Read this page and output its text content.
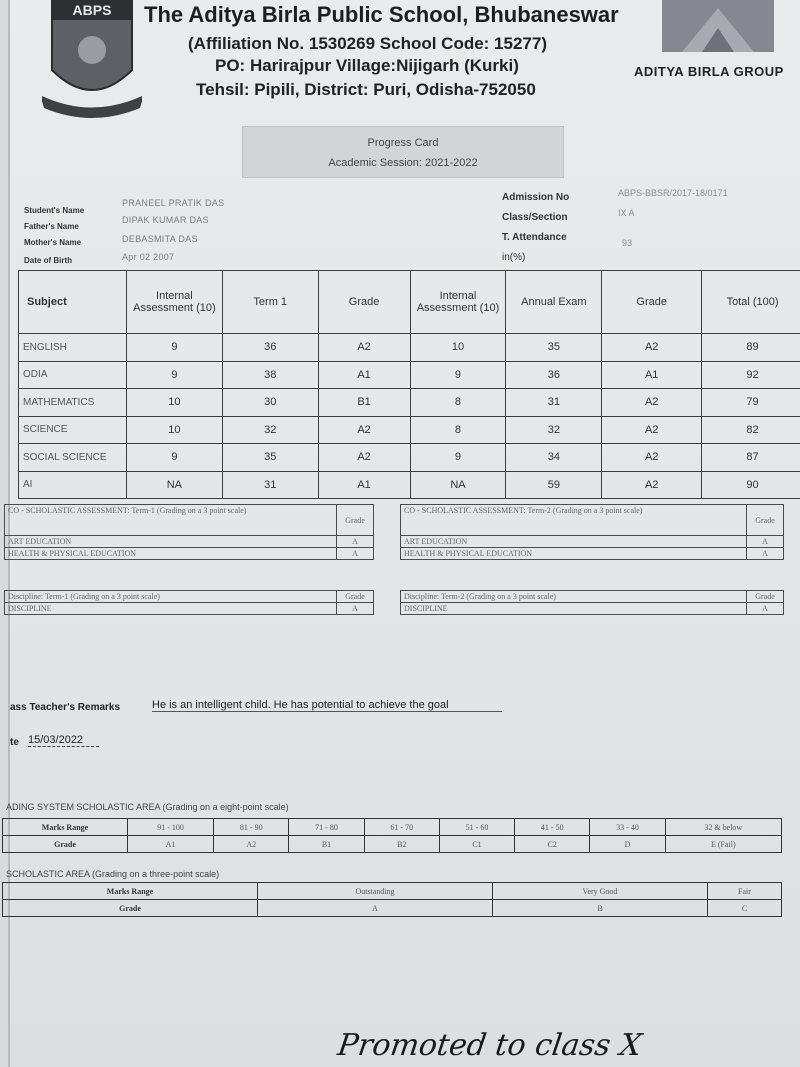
ABPS The Aditya Birla Public School, Bhubaneswar
(Affiliation No. 1530269 School Code: 15277)
PO: Harirajpur Village:Nijigarh (Kurki)
Tehsil: Pipili, District: Puri, Odisha-752050
ADITYA BIRLA GROUP
Progress Card
Academic Session: 2021-2022
Student's Name
PRANEEL PRATIK DAS
Father's Name
DIPAK KUMAR DAS
Mother's Name	DEBASMITA DAS
Date of Birth	Apr 02 2007
Admission No	ABPS-BBSR/2017-18/0171
Class/Section	IX A
T. Attendance
in(%)
93
Subject	Internal Assessment (10)	Term 1	Grade	Internal Assessment (10)	Annual Exam	Grade	Total (100)
ENGLISH	9	36	A2	10	35	A2	89
ODIA	9	38	A1	9	36	A1	92
MATHEMATICS	10	30	B1	8	31	A2	79
SCIENCE	10	32	A2	8	32	A2	82
SOCIAL SCIENCE	9	35	A2	9	34	A2	87
AI	NA	31	A1	NA	59	A2	90
CO - SCHOLASTIC ASSESSMENT: Term-1 (Grading on a 3 point scale)	Grade
ART EDUCATION	A
HEALTH & PHYSICAL EDUCATION	A
CO - SCHOLASTIC ASSESSMENT: Term-2 (Grading on a 3 point scale)	Grade
ART EDUCATION	A
HEALTH & PHYSICAL EDUCATION	A
Discipline: Term-1 (Grading on a 3 point scale)	Grade
DISCIPLINE	A
Discipline: Term-2 (Grading on a 3 point scale)	Grade
DISCIPLINE	A
ass Teacher's Remarks	He is an intelligent child. He has potential to achieve the goal
te 15/03/2022
ADING SYSTEM SCHOLASTIC AREA (Grading on a eight-point scale)
Marks Range	91 - 100	81 - 90	71 - 80	61 - 70	51 - 60	41 - 50	33 - 40	32 & below
Grade	A1	A2	B1	B2	C1	C2	D	E (Fail)
SCHOLASTIC AREA (Grading on a three-point scale)
Marks Range	Outstanding	Very Good	Fair
Grade	A	B	C
Promoted to class X
